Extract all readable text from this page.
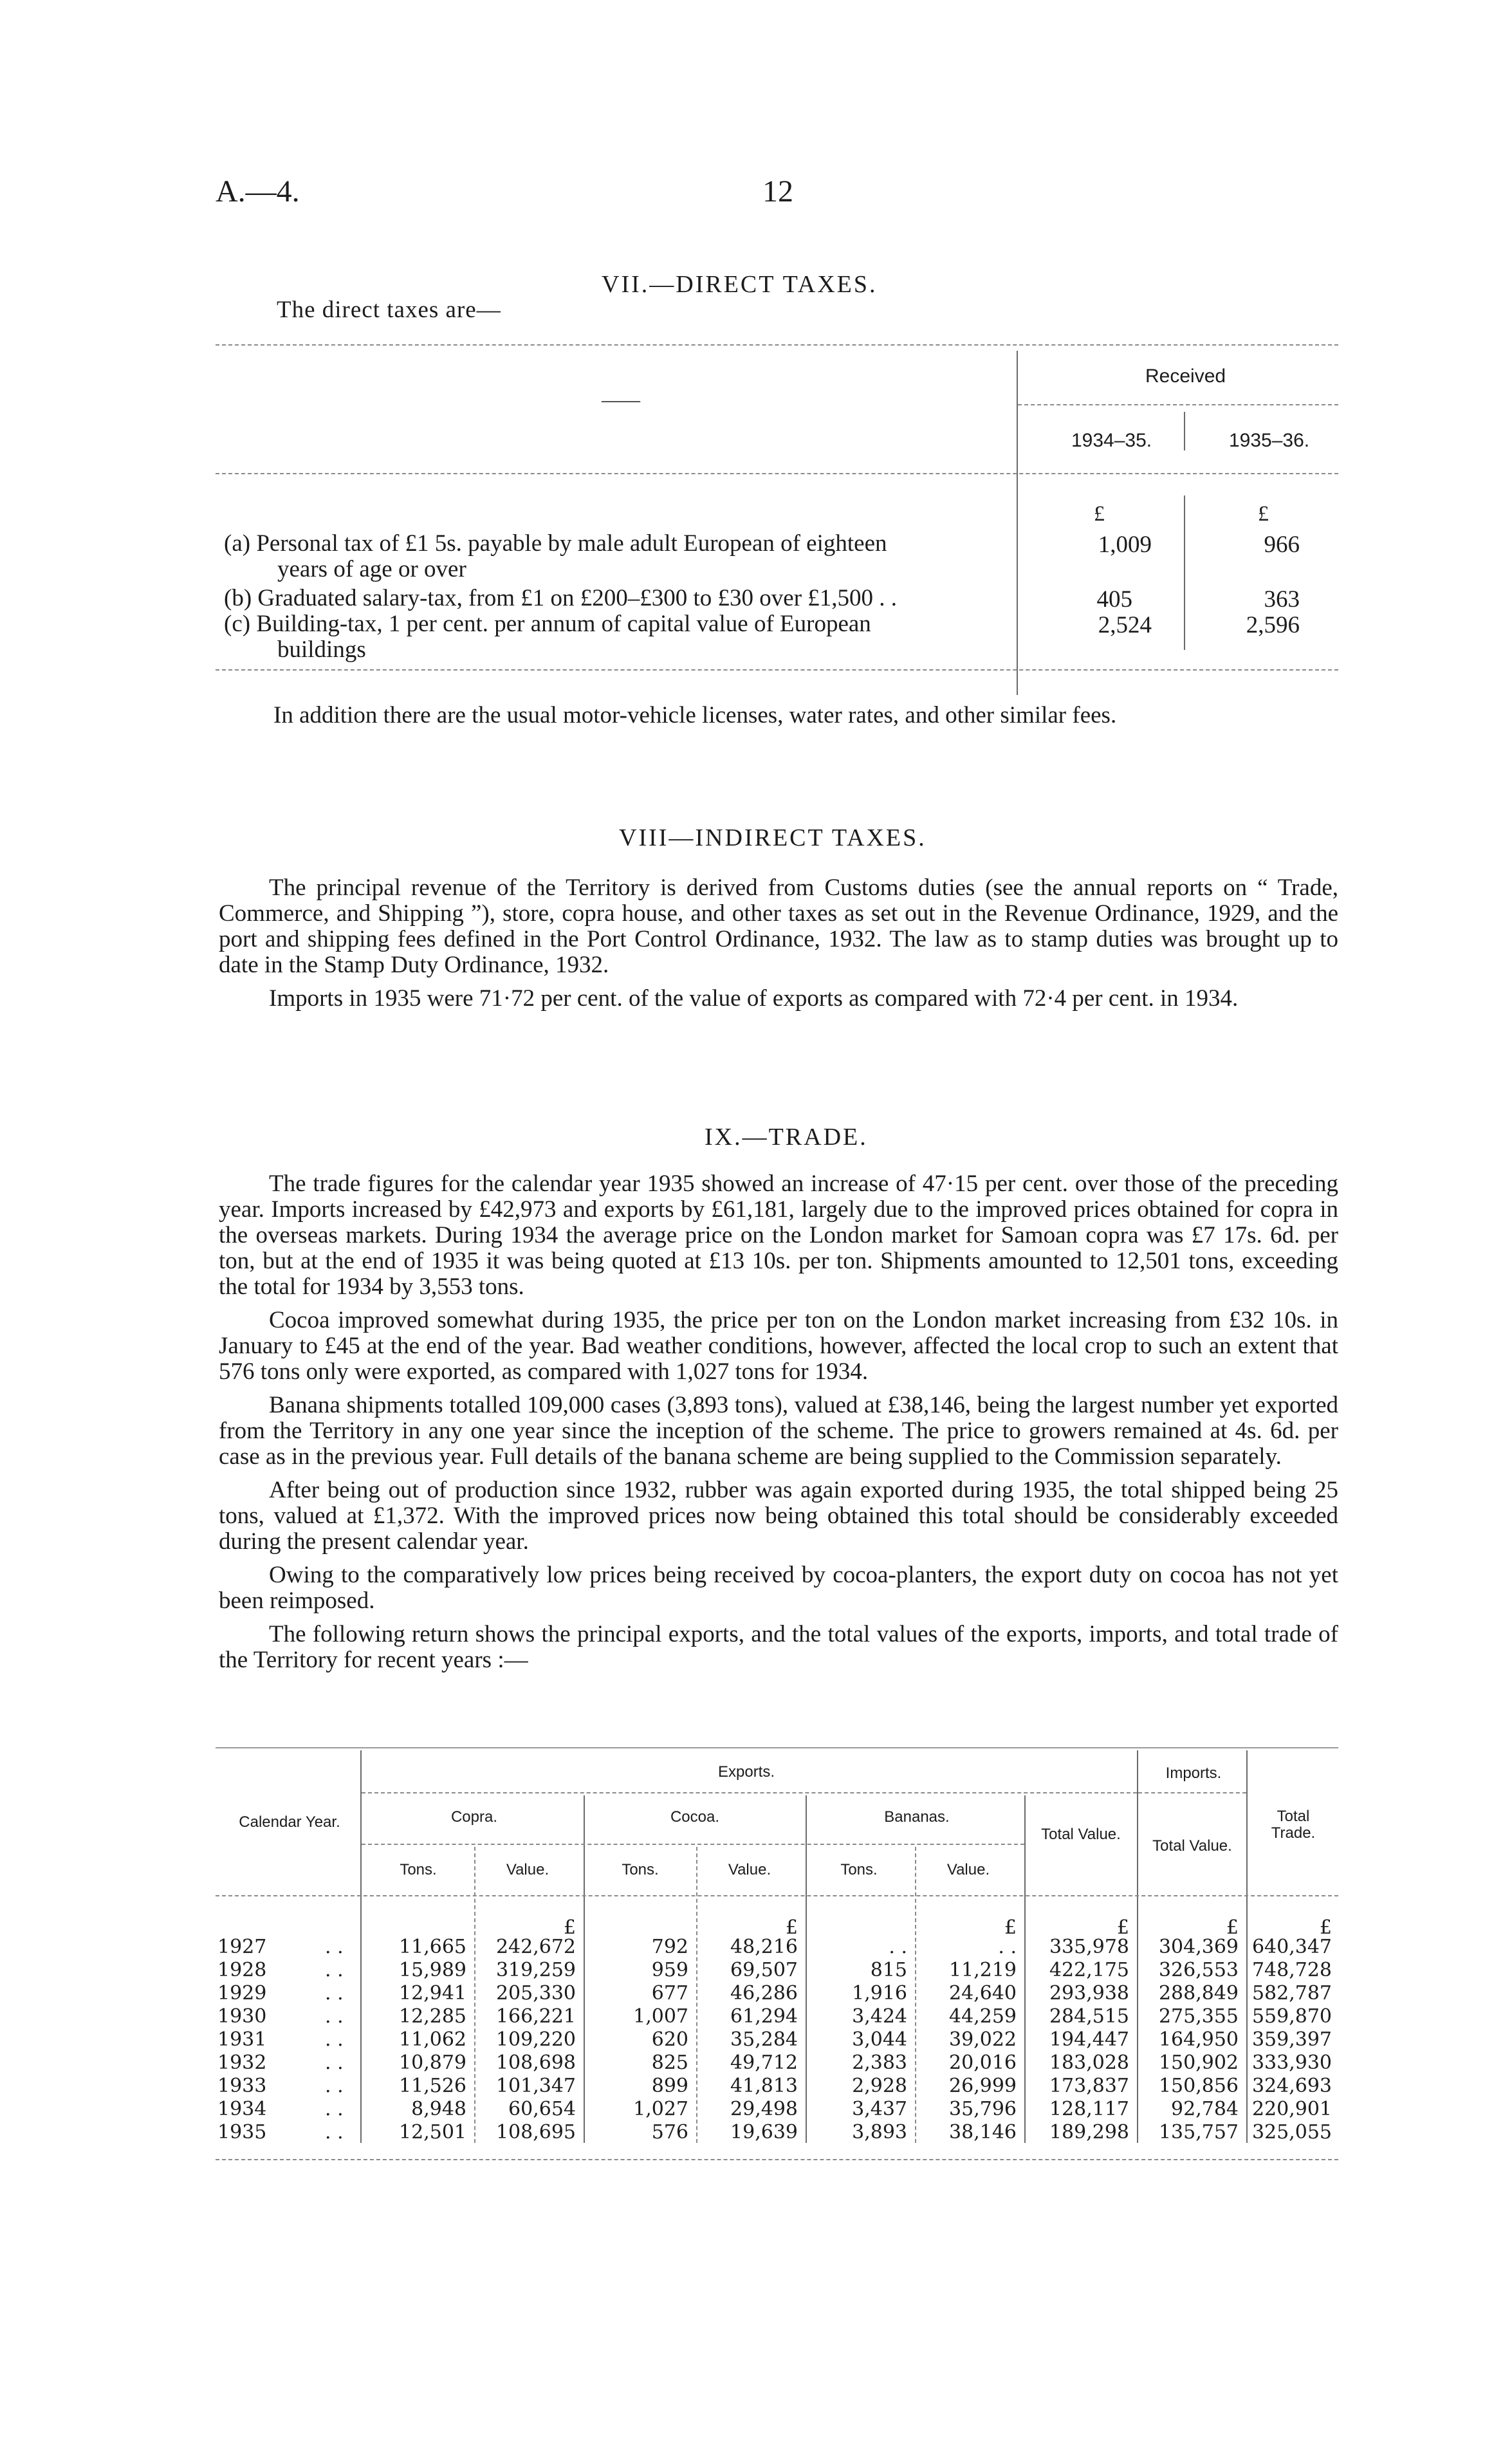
A.—4.	12
The direct taxes are—
VII.—DIRECT TAXES.
——
Received
1934–35.	1935–36.
£	£
(a) Personal tax of £1 5s. payable by male adult European of eighteen
years of age or over
1,009	966
(b) Graduated salary-tax, from £1 on £200–£300 to £30 over £1,500 . .	405	363
(c) Building-tax, 1 per cent. per annum of capital value of European
buildings
2,524	2,596
In addition there are the usual motor-vehicle licenses, water rates, and other similar fees.
VIII—INDIRECT TAXES.

The principal revenue of the Territory is derived from Customs duties (see the annual reports on “ Trade, Commerce, and Shipping ”), store, copra house, and other taxes as set out in the Revenue Ordinance, 1929, and the port and shipping fees defined in the Port Control Ordinance, 1932. The law as to stamp duties was brought up to date in the Stamp Duty Ordinance, 1932.

Imports in 1935 were 71·72 per cent. of the value of exports as compared with 72·4 per cent. in 1934.

IX.—TRADE.

The trade figures for the calendar year 1935 showed an increase of 47·15 per cent. over those of the preceding year. Imports increased by £42,973 and exports by £61,181, largely due to the improved prices obtained for copra in the overseas markets. During 1934 the average price on the London market for Samoan copra was £7 17s. 6d. per ton, but at the end of 1935 it was being quoted at £13 10s. per ton. Shipments amounted to 12,501 tons, exceeding the total for 1934 by 3,553 tons.

Cocoa improved somewhat during 1935, the price per ton on the London market increasing from £32 10s. in January to £45 at the end of the year. Bad weather conditions, however, affected the local crop to such an extent that 576 tons only were exported, as compared with 1,027 tons for 1934.

Banana shipments totalled 109,000 cases (3,893 tons), valued at £38,146, being the largest number yet exported from the Territory in any one year since the inception of the scheme. The price to growers remained at 4s. 6d. per case as in the previous year. Full details of the banana scheme are being supplied to the Commission separately.

After being out of production since 1932, rubber was again exported during 1935, the total shipped being 25 tons, valued at £1,372. With the improved prices now being obtained this total should be considerably exceeded during the present calendar year.

Owing to the comparatively low prices being received by cocoa-planters, the export duty on cocoa has not yet been reimposed.

The following return shows the principal exports, and the total values of the exports, imports, and total trade of the Territory for recent years :—

Exports.	Imports.
Calendar Year.	Copra.	Cocoa.	Bananas.
Total Value.
Total Value.
Total Trade.
Tons.	Value.	Tons.	Value.	Tons.	Value.
£	£	£	£	£	£
1927	. .	11,665	242,672	792	48,216	. .	. .	335,978	304,369 640,347
1928	. .	15,989	319,259	959	69,507	815	11,219	422,175	326,553 748,728
1929	. .	12,941	205,330	677	46,286	1,916	24,640	293,938	288,849 582,787
1930	. .	12,285	166,221	1,007	61,294	3,424	44,259	284,515	275,355 559,870
1931	. .	11,062	109,220	620	35,284	3,044	39,022	194,447	164,950 359,397
1932	. .	10,879	108,698	825	49,712	2,383	20,016	183,028	150,902 333,930
1933	. .	11,526	101,347	899	41,813	2,928	26,999	173,837	150,856 324,693
1934	. .	8,948	60,654	1,027	29,498	3,437	35,796	128,117	92,784 220,901
1935	. .	12,501	108,695	576	19,639	3,893	38,146	189,298	135,757 325,055
